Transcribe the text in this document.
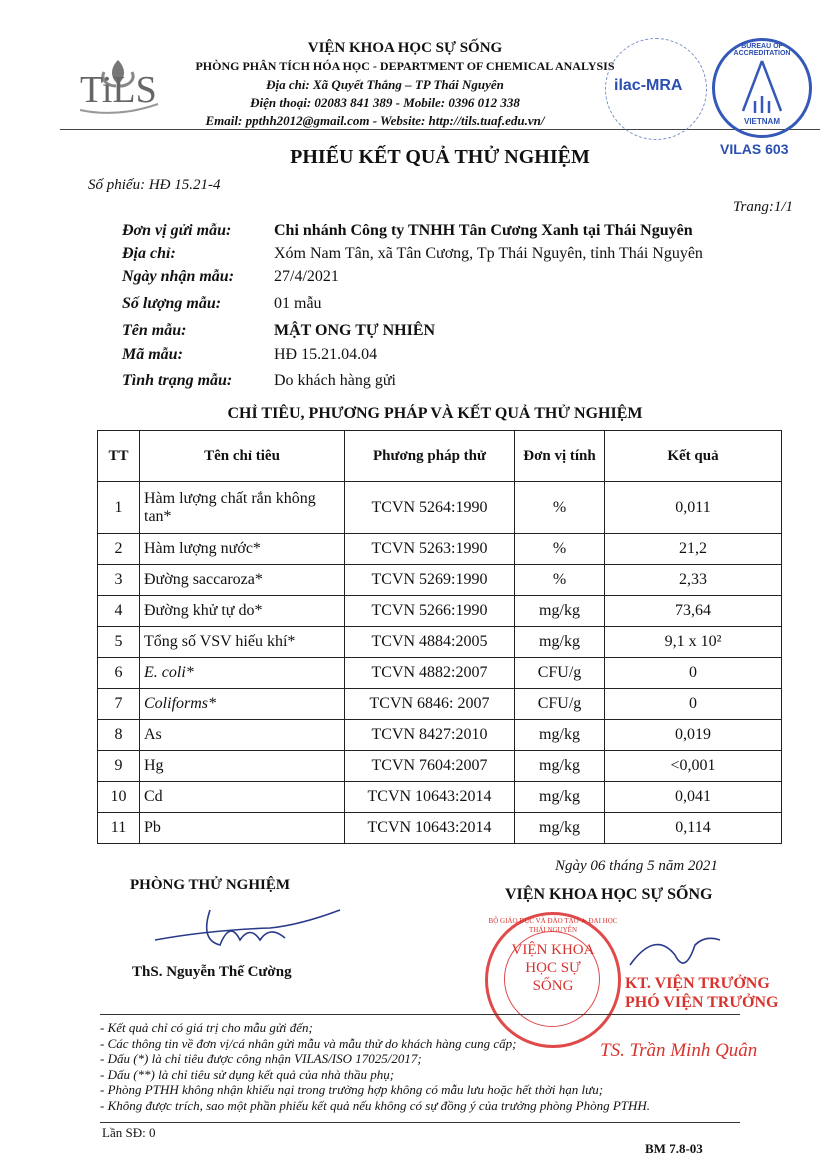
TiLS
VIỆN KHOA HỌC SỰ SỐNG
PHÒNG PHÂN TÍCH HÓA HỌC - DEPARTMENT OF CHEMICAL ANALYSIS
Địa chỉ: Xã Quyết Thắng – TP Thái Nguyên
Điện thoại: 02083 841 389 - Mobile: 0396 012 338
Email: ppthh2012@gmail.com - Website: http://tils.tuaf.edu.vn/
ilac-MRA
BUREAU OF ACCREDITATION
VIETNAM
VILAS 603
PHIẾU KẾT QUẢ THỬ NGHIỆM
Số phiếu: HĐ 15.21-4
Trang:1/1
Đơn vị gửi mẫu:	Chi nhánh Công ty TNHH Tân Cương Xanh tại Thái Nguyên
Địa chỉ:	Xóm Nam Tân, xã Tân Cương, Tp Thái Nguyên, tỉnh Thái Nguyên
Ngày nhận mẫu: 27/4/2021
Số lượng mẫu:	01 mẫu
Tên mẫu:	MẬT ONG TỰ NHIÊN
Mã mẫu:	HĐ 15.21.04.04
Tình trạng mẫu:	Do khách hàng gửi
CHỈ TIÊU, PHƯƠNG PHÁP VÀ KẾT QUẢ THỬ NGHIỆM
TT	Tên chỉ tiêu	Phương pháp thử	Đơn vị tính	Kết quả
1	Hàm lượng chất rắn không tan*	TCVN 5264:1990	%	0,011
2	Hàm lượng nước*	TCVN 5263:1990	%	21,2
3	Đường saccaroza*	TCVN 5269:1990	%	2,33
4	Đường khử tự do*	TCVN 5266:1990	mg/kg	73,64
5	Tổng số VSV hiếu khí*	TCVN 4884:2005	mg/kg	9,1 x 10²
6	E. coli*	TCVN 4882:2007	CFU/g	0
7	Coliforms*	TCVN 6846: 2007	CFU/g	0
8	As	TCVN 8427:2010	mg/kg	0,019
9	Hg	TCVN 7604:2007	mg/kg	<0,001
10	Cd	TCVN 10643:2014	mg/kg	0,041
11	Pb	TCVN 10643:2014	mg/kg	0,114
Ngày 06 tháng 5 năm 2021
PHÒNG THỬ NGHIỆM
ThS. Nguyễn Thế Cường
VIỆN KHOA HỌC SỰ SỐNG
BỘ GIÁO DỤC VÀ ĐÀO TẠO ★ ĐẠI HỌC THÁI NGUYÊN
VIỆN KHOA HỌC SỰ SỐNG	KT. VIỆN TRƯỞNG
PHÓ VIỆN TRƯỞNG
TS. Trần Minh Quân
- Kết quả chỉ có giá trị cho mẫu gửi đến;
- Các thông tin về đơn vị/cá nhân gửi mẫu và mẫu thử do khách hàng cung cấp;
- Dấu (*) là chỉ tiêu được công nhận VILAS/ISO 17025/2017;
- Dấu (**) là chỉ tiêu sử dụng kết quả của nhà thầu phụ;
- Phòng PTHH không nhận khiếu nại trong trường hợp không có mẫu lưu hoặc hết thời hạn lưu;
- Không được trích, sao một phần phiếu kết quả nếu không có sự đồng ý của trưởng phòng Phòng PTHH.
Lần SĐ: 0
BM 7.8-03
